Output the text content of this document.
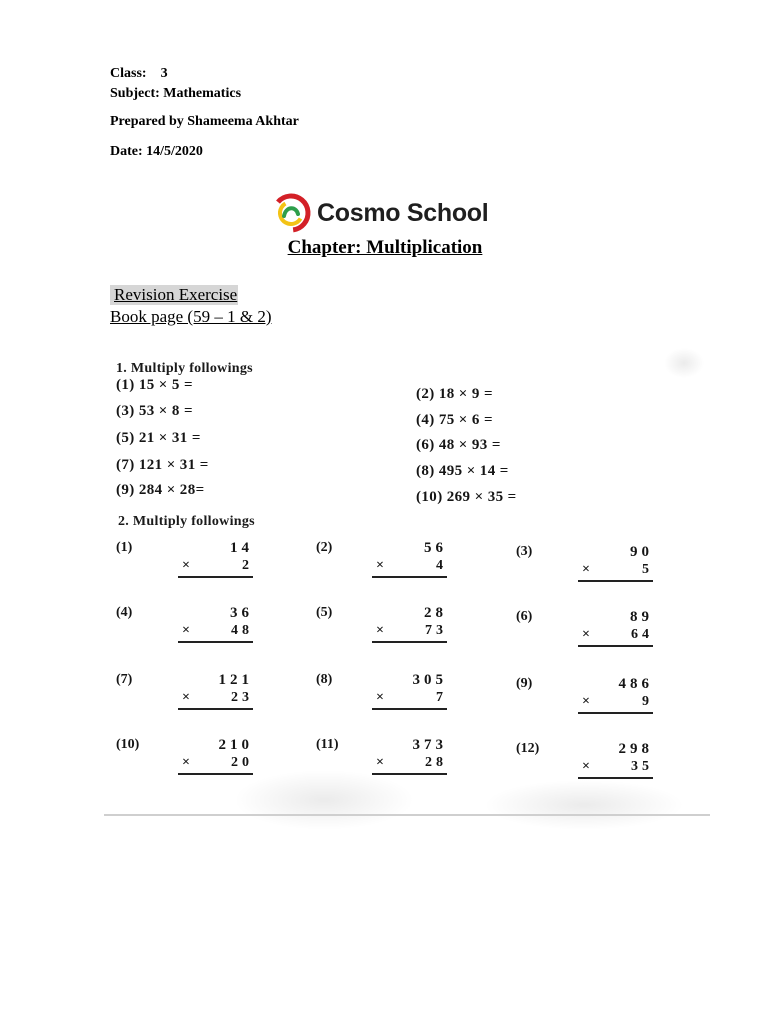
Class: 3
Subject: Mathematics
Prepared by Shameema Akhtar
Date: 14/5/2020
Cosmo School
Chapter: Multiplication
Revision Exercise
Book page (59 – 1 & 2)
1. Multiply followings
(1) 15 × 5 =
(2) 18 × 9 =
(3) 53 × 8 =
(4) 75 × 6 =
(5) 21 × 31 =	(6) 48 × 93 =
(7) 121 × 31 =	(8) 495 × 14 =
(9) 284 × 28=	(10) 269 × 35 =
2. Multiply followings
(1)	14
×	2
(2)	56
×	4
(3)	90
×	5
(4)	36
×	48
(5)	28
×	73
(6)	89
×	64
(7)	121
×	23
(8)	305
×	7
(9)	486
×	9
(10)	210
×	20
(11)	373
×	28
(12)	298
×	35
